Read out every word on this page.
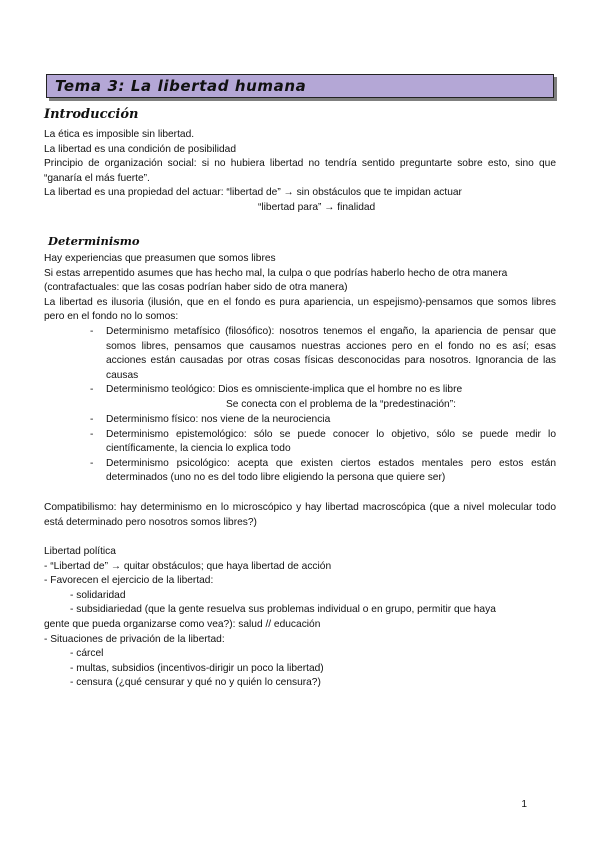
Tema 3: La libertad humana
Introducción
La ética es imposible sin libertad.
La libertad es una condición de posibilidad
Principio de organización social: si no hubiera libertad no tendría sentido preguntarte sobre esto, sino que “ganaría el más fuerte”.
La libertad es una propiedad del actuar: “libertad de” → sin obstáculos que te impidan actuar
“libertad para” → finalidad
Determinismo
Hay experiencias que preasumen que somos libres
Si estas arrepentido asumes que has hecho mal, la culpa o que podrías haberlo hecho de otra manera
(contrafactuales: que las cosas podrían haber sido de otra manera)
La libertad es ilusoria (ilusión, que en el fondo es pura apariencia, un espejismo)-pensamos que somos libres pero en el fondo no lo somos:
- Determinismo metafísico (filosófico): nosotros tenemos el engaño, la apariencia de pensar que somos libres, pensamos que causamos nuestras acciones pero en el fondo no es así; esas acciones están causadas por otras cosas físicas desconocidas para nosotros. Ignorancia de las causas
- Determinismo teológico: Dios es omnisciente-implica que el hombre no es libre
Se conecta con el problema de la “predestinación”:
- Determinismo físico: nos viene de la neurociencia
- Determinismo epistemológico: sólo se puede conocer lo objetivo, sólo se puede medir lo científicamente, la ciencia lo explica todo
- Determinismo psicológico: acepta que existen ciertos estados mentales pero estos están determinados (uno no es del todo libre eligiendo la persona que quiere ser)
Compatibilismo: hay determinismo en lo microscópico y hay libertad macroscópica (que a nivel molecular todo está determinado pero nosotros somos libres?)
Libertad política
- “Libertad de” → quitar obstáculos; que haya libertad de acción
- Favorecen el ejercicio de la libertad:
- solidaridad
- subsidiariedad (que la gente resuelva sus problemas individual o en grupo, permitir que haya
gente que pueda organizarse como vea?): salud // educación
- Situaciones de privación de la libertad:
- cárcel
- multas, subsidios (incentivos-dirigir un poco la libertad)
- censura (¿qué censurar y qué no y quién lo censura?)
1
